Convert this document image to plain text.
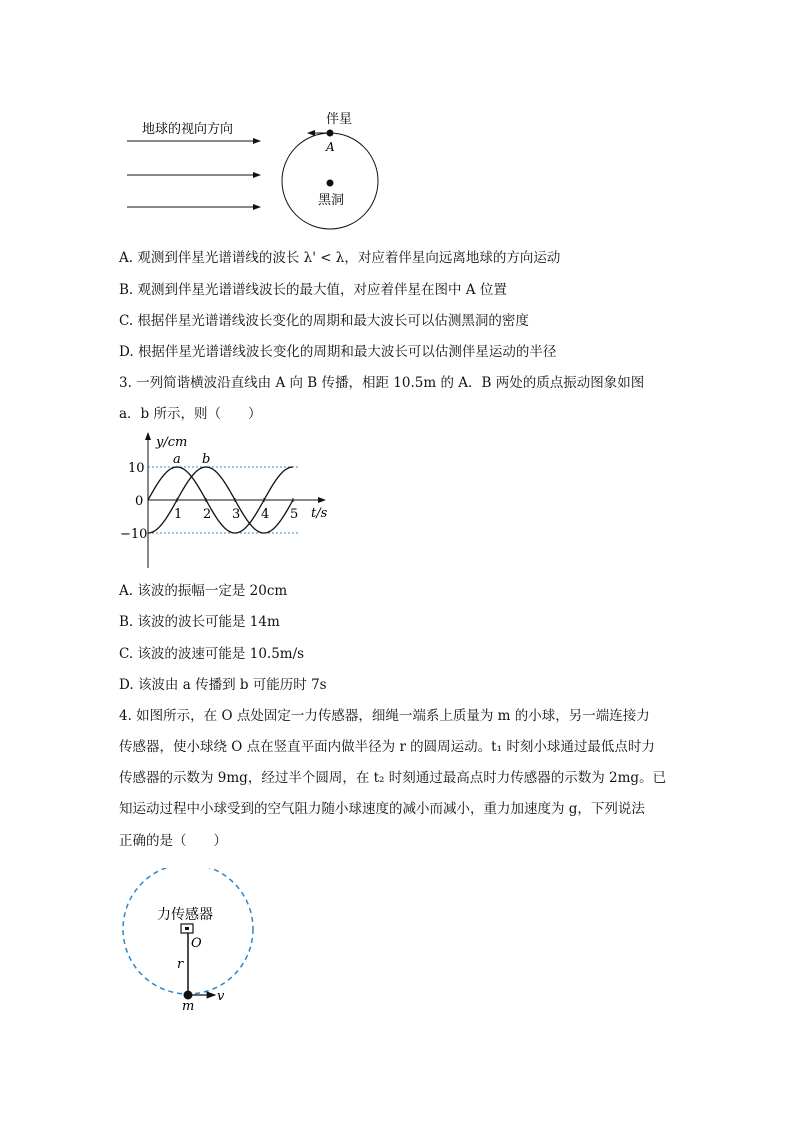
地球的视向方向
伴星
A
黑洞
A. 观测到伴星光谱谱线的波长 λ' < λ，对应着伴星向远离地球的方向运动
B. 观测到伴星光谱谱线波长的最大值，对应着伴星在图中 A 位置
C. 根据伴星光谱谱线波长变化的周期和最大波长可以估测黑洞的密度
D. 根据伴星光谱谱线波长变化的周期和最大波长可以估测伴星运动的半径
3. 一列简谐横波沿直线由 A 向 B 传播，相距 10.5m 的 A．B 两处的质点振动图象如图
a．b 所示，则（　　）
y/cm
t/s
1 2 3 4 5
10
0
−10
a b
A. 该波的振幅一定是 20cm
B. 该波的波长可能是 14m
C. 该波的波速可能是 10.5m/s
D. 该波由 a 传播到 b 可能历时 7s
4. 如图所示，在 O 点处固定一力传感器，细绳一端系上质量为 m 的小球，另一端连接力
传感器，使小球绕 O 点在竖直平面内做半径为 r 的圆周运动。t₁ 时刻小球通过最低点时力
传感器的示数为 9mg，经过半个圆周，在 t₂ 时刻通过最高点时力传感器的示数为 2mg。已
知运动过程中小球受到的空气阻力随小球速度的减小而减小，重力加速度为 g，下列说法
正确的是（　　）
力传感器
O
r
v
m
